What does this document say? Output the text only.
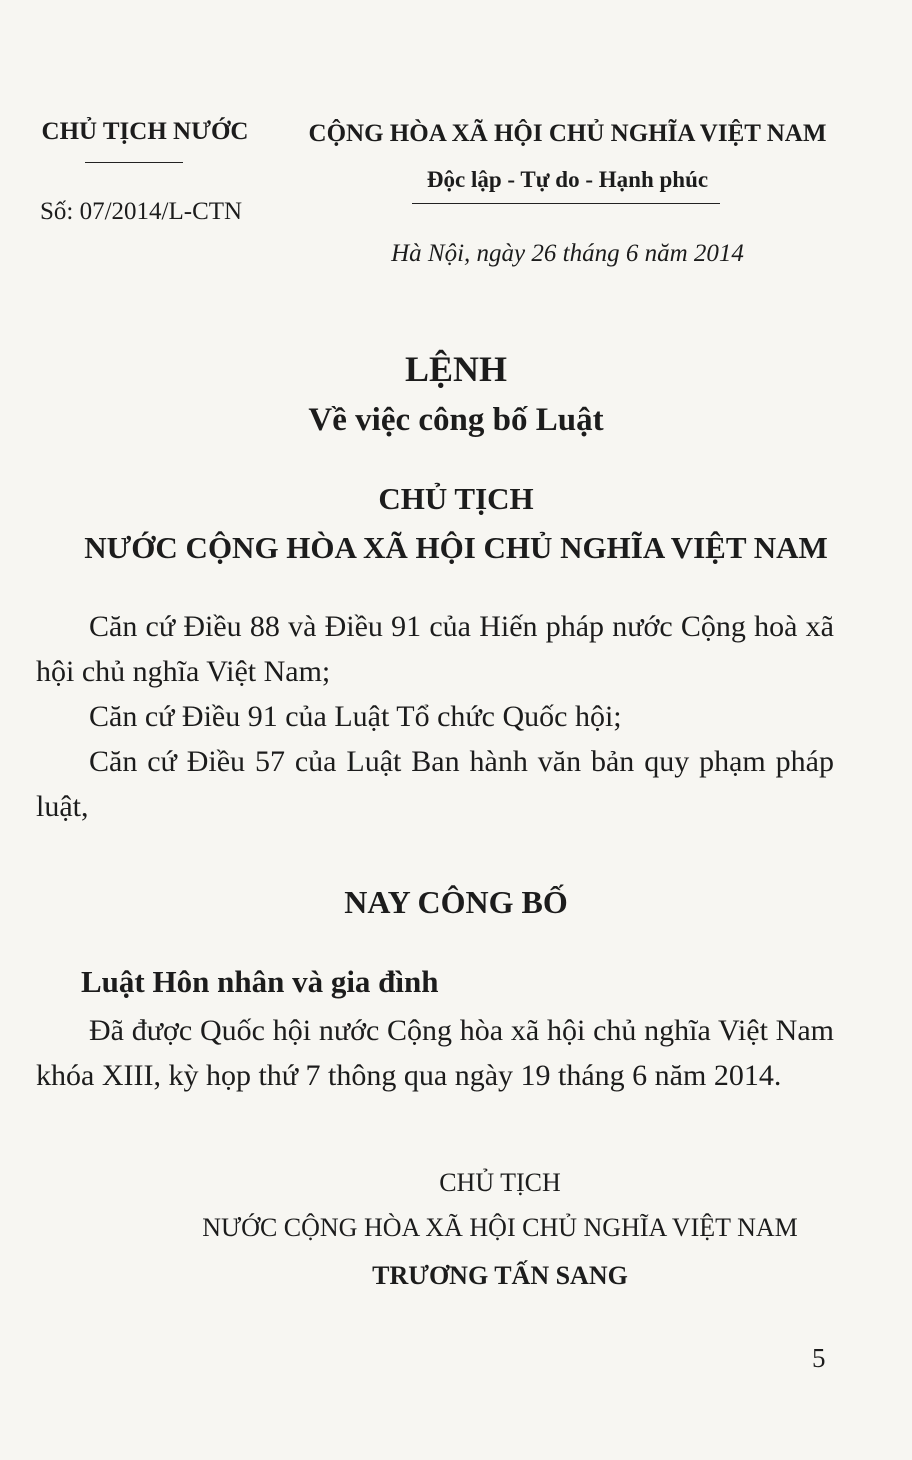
CHỦ TỊCH NƯỚC
Số: 07/2014/L-CTN
CỘNG HÒA XÃ HỘI CHỦ NGHĨA VIỆT NAM
Độc lập - Tự do - Hạnh phúc
Hà Nội, ngày 26 tháng 6 năm 2014
LỆNH
Về việc công bố Luật
CHỦ TỊCH
NƯỚC CỘNG HÒA XÃ HỘI CHỦ NGHĨA VIỆT NAM

Căn cứ Điều 88 và Điều 91 của Hiến pháp nước Cộng hoà xã hội chủ nghĩa Việt Nam;

Căn cứ Điều 91 của Luật Tổ chức Quốc hội;

Căn cứ Điều 57 của Luật Ban hành văn bản quy phạm pháp luật,

NAY CÔNG BỐ
Luật Hôn nhân và gia đình

Đã được Quốc hội nước Cộng hòa xã hội chủ nghĩa Việt Nam khóa XIII, kỳ họp thứ 7 thông qua ngày 19 tháng 6 năm 2014.

CHỦ TỊCH
NƯỚC CỘNG HÒA XÃ HỘI CHỦ NGHĨA VIỆT NAM
TRƯƠNG TẤN SANG
5
